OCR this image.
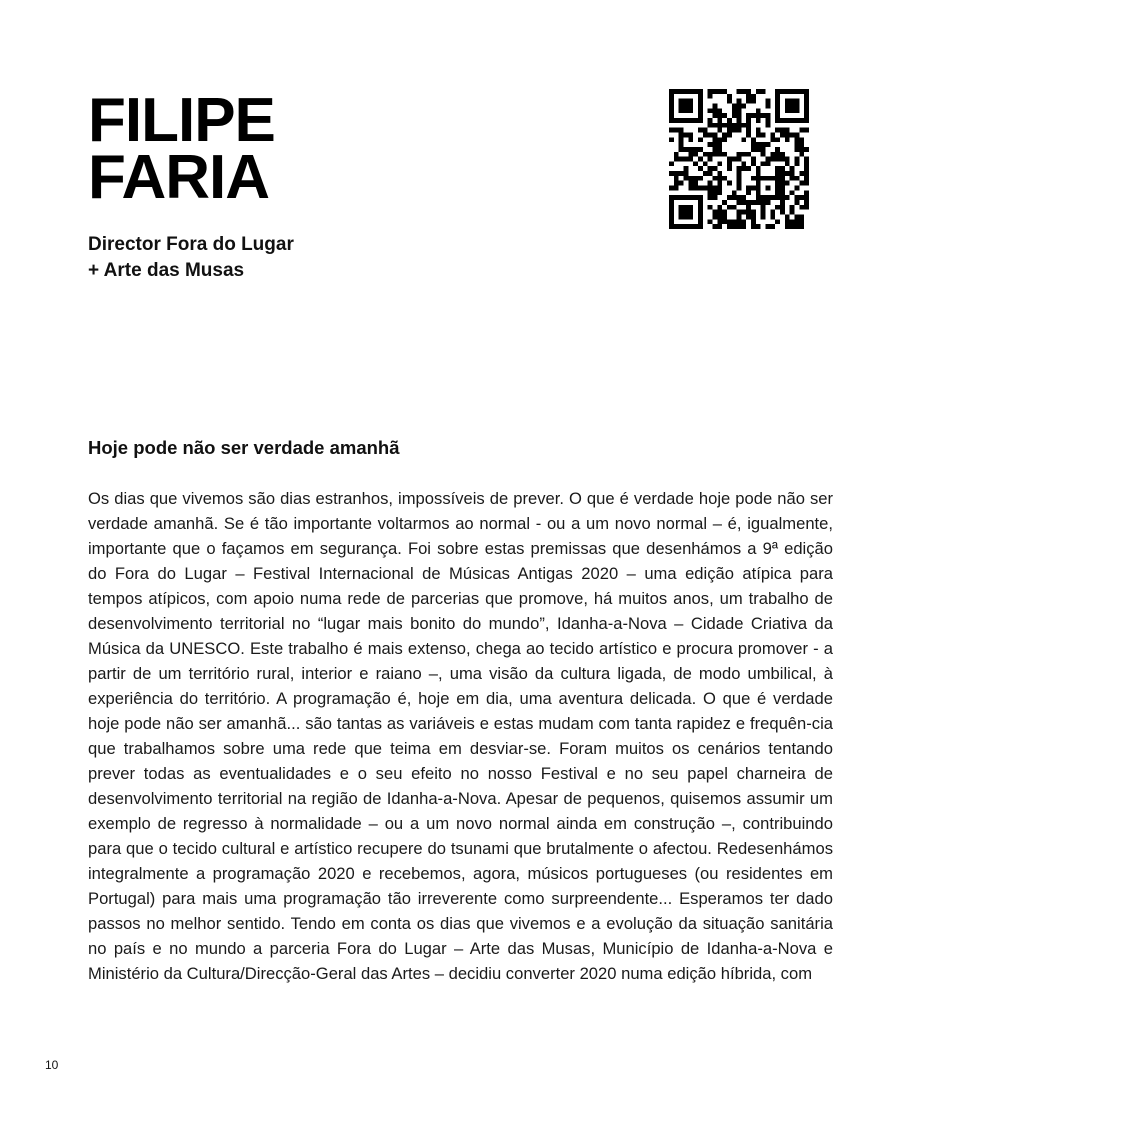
FILIPE
FARIA
Director Fora do Lugar
+ Arte das Musas
Hoje pode não ser verdade amanhã

Os dias que vivemos são dias estranhos, impossíveis de prever. O que é verdade hoje pode não ser verdade amanhã. Se é tão importante voltarmos ao normal - ou a um novo normal – é, igualmente, importante que o façamos em segurança. Foi sobre estas premissas que desenhámos a 9ª edição do Fora do Lugar – Festival Internacional de Músicas Antigas 2020 – uma edição atípica para tempos atípicos, com apoio numa rede de parcerias que promove, há muitos anos, um trabalho de desenvolvimento territorial no “lugar mais bonito do mundo”, Idanha-a-Nova – Cidade Criativa da Música da UNESCO. Este trabalho é mais extenso, chega ao tecido artístico e procura promover - a partir de um território rural, interior e raiano –, uma visão da cultura ligada, de modo umbilical, à experiência do território. A programação é, hoje em dia, uma aventura delicada. O que é verdade hoje pode não ser amanhã... são tantas as variáveis e estas mudam com tanta rapidez e frequên-cia que trabalhamos sobre uma rede que teima em desviar-se. Foram muitos os cenários tentando prever todas as eventualidades e o seu efeito no nosso Festival e no seu papel charneira de desenvolvimento territorial na região de Idanha-a-Nova. Apesar de pequenos, quisemos assumir um exemplo de regresso à normalidade – ou a um novo normal ainda em construção –, contribuindo para que o tecido cultural e artístico recupere do tsunami que brutalmente o afectou. Redesenhámos integralmente a programação 2020 e recebemos, agora, músicos portugueses (ou residentes em Portugal) para mais uma programação tão irreverente como surpreendente... Esperamos ter dado passos no melhor sentido. Tendo em conta os dias que vivemos e a evolução da situação sanitária no país e no mundo a parceria Fora do Lugar – Arte das Musas, Município de Idanha-a-Nova e Ministério da Cultura/Direcção-Geral das Artes – decidiu converter 2020 numa edição híbrida, com

10
